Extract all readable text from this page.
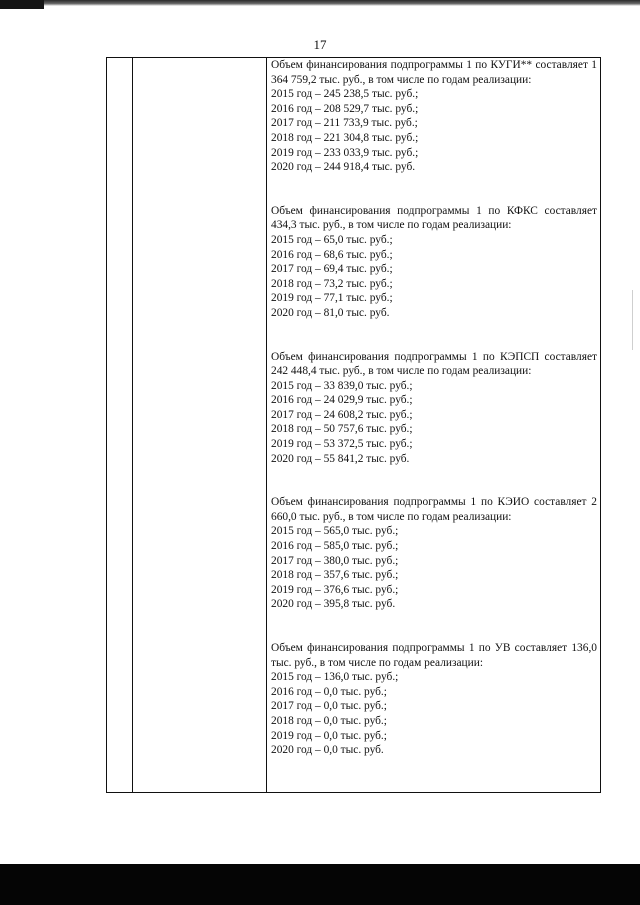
17

Объем финансирования подпрограммы 1 по КУГИ** составляет 1 364 759,2 тыс. руб., в том числе по годам реализации:

2015 год – 245 238,5 тыс. руб.;
2016 год – 208 529,7 тыс. руб.;
2017 год – 211 733,9 тыс. руб.;
2018 год – 221 304,8 тыс. руб.;
2019 год – 233 033,9 тыс. руб.;
2020 год – 244 918,4 тыс. руб.

Объем финансирования подпрограммы 1 по КФКС составляет 434,3 тыс. руб., в том числе по годам реализации:

2015 год – 65,0 тыс. руб.;
2016 год – 68,6 тыс. руб.;
2017 год – 69,4 тыс. руб.;
2018 год – 73,2 тыс. руб.;
2019 год – 77,1 тыс. руб.;
2020 год – 81,0 тыс. руб.

Объем финансирования подпрограммы 1 по КЭПСП составляет 242 448,4 тыс. руб., в том числе по годам реализации:

2015 год – 33 839,0 тыс. руб.;
2016 год – 24 029,9 тыс. руб.;
2017 год – 24 608,2 тыс. руб.;
2018 год – 50 757,6 тыс. руб.;
2019 год – 53 372,5 тыс. руб.;
2020 год – 55 841,2 тыс. руб.

Объем финансирования подпрограммы 1 по КЭИО составляет 2 660,0 тыс. руб., в том числе по годам реализации:

2015 год – 565,0 тыс. руб.;
2016 год – 585,0 тыс. руб.;
2017 год – 380,0 тыс. руб.;
2018 год – 357,6 тыс. руб.;
2019 год – 376,6 тыс. руб.;
2020 год – 395,8 тыс. руб.

Объем финансирования подпрограммы 1 по УВ составляет 136,0 тыс. руб., в том числе по годам реализации:

2015 год – 136,0 тыс. руб.;
2016 год – 0,0 тыс. руб.;
2017 год – 0,0 тыс. руб.;
2018 год – 0,0 тыс. руб.;
2019 год – 0,0 тыс. руб.;
2020 год – 0,0 тыс. руб.
